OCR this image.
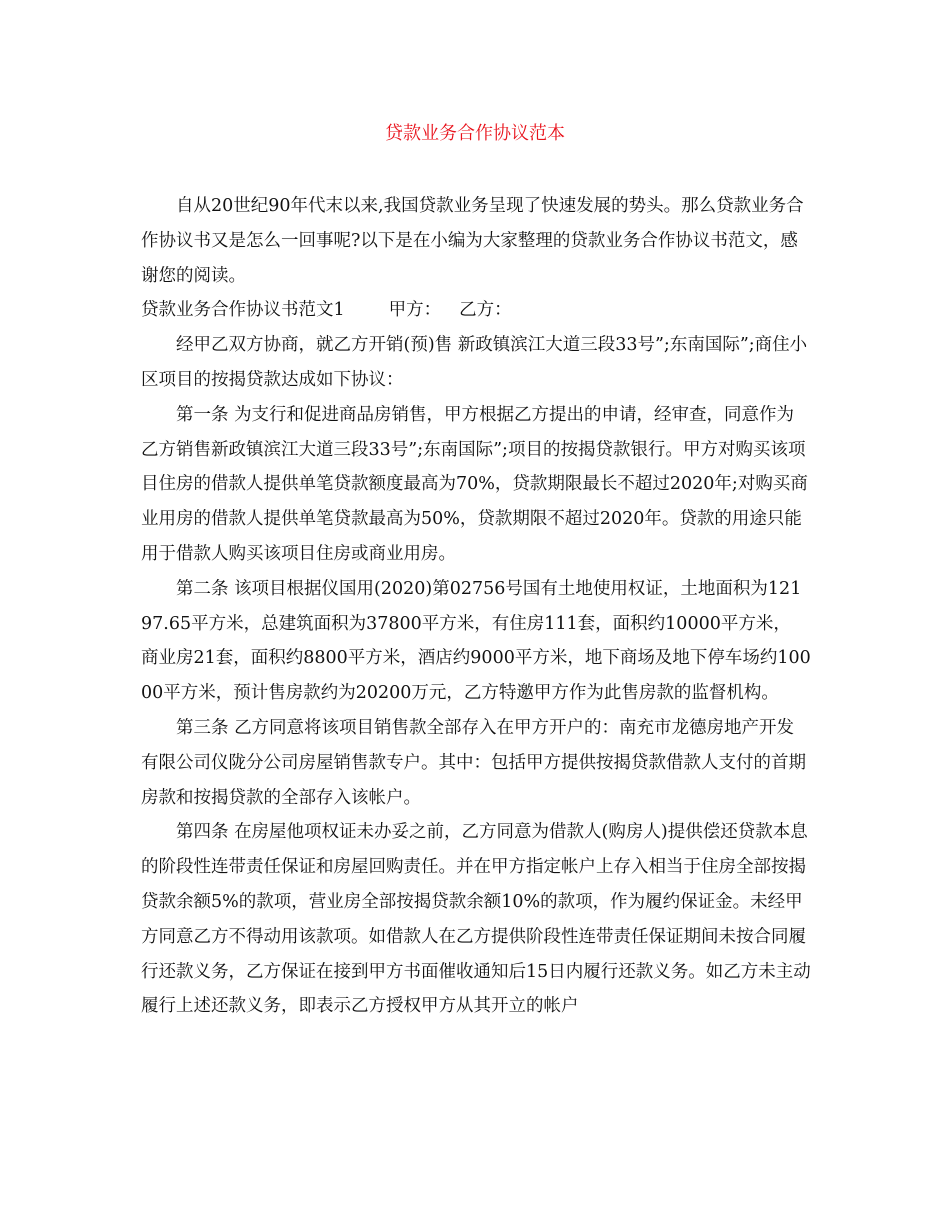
贷款业务合作协议范本

自从20世纪90年代末以来,我国贷款业务呈现了快速发展的势头。那么贷款业务合作协议书又是怎么一回事呢?以下是在小编为大家整理的贷款业务合作协议书范文，感谢您的阅读。

贷款业务合作协议书范文1	甲方： 乙方：

经甲乙双方协商，就乙方开销(预)售 新政镇滨江大道三段33号”;东南国际”;商住小区项目的按揭贷款达成如下协议：

第一条 为支行和促进商品房销售，甲方根据乙方提出的申请，经审查，同意作为乙方销售新政镇滨江大道三段33号”;东南国际”;项目的按揭贷款银行。甲方对购买该项目住房的借款人提供单笔贷款额度最高为70%，贷款期限最长不超过2020年;对购买商业用房的借款人提供单笔贷款最高为50%，贷款期限不超过2020年。贷款的用途只能用于借款人购买该项目住房或商业用房。

第二条 该项目根据仪国用(2020)第02756号国有土地使用权证，土地面积为12197.65平方米，总建筑面积为37800平方米，有住房111套，面积约10000平方米， 商业房21套，面积约8800平方米，酒店约9000平方米，地下商场及地下停车场约10000平方米，预计售房款约为20200万元，乙方特邀甲方作为此售房款的监督机构。

第三条 乙方同意将该项目销售款全部存入在甲方开户的：南充市龙德房地产开发有限公司仪陇分公司房屋销售款专户。其中：包括甲方提供按揭贷款借款人支付的首期房款和按揭贷款的全部存入该帐户。

第四条 在房屋他项权证未办妥之前，乙方同意为借款人(购房人)提供偿还贷款本息的阶段性连带责任保证和房屋回购责任。并在甲方指定帐户上存入相当于住房全部按揭贷款余额5%的款项，营业房全部按揭贷款余额10%的款项，作为履约保证金。未经甲方同意乙方不得动用该款项。如借款人在乙方提供阶段性连带责任保证期间未按合同履行还款义务，乙方保证在接到甲方书面催收通知后15日内履行还款义务。如乙方未主动履行上述还款义务，即表示乙方授权甲方从其开立的帐户
